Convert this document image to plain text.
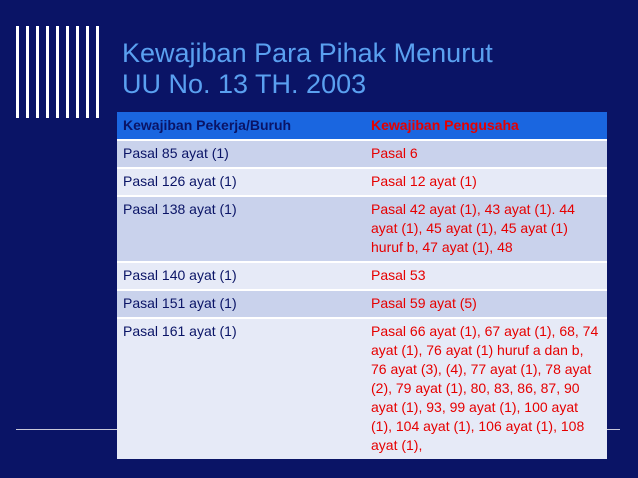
Kewajiban Para Pihak Menurut
UU No. 13 TH. 2003
Kewajiban Pekerja/Buruh	Kewajiban Pengusaha
Pasal 85 ayat (1)	Pasal 6
Pasal 126 ayat (1)	Pasal 12 ayat (1)
Pasal 138 ayat (1)	Pasal 42 ayat (1), 43 ayat (1). 44 ayat (1), 45 ayat (1), 45 ayat (1) huruf b, 47 ayat (1), 48
Pasal 140 ayat (1)	Pasal 53
Pasal 151 ayat (1)	Pasal 59 ayat (5)
Pasal 161 ayat (1)	Pasal 66 ayat (1), 67 ayat (1), 68, 74 ayat (1), 76 ayat (1) huruf a dan b, 76 ayat (3), (4), 77 ayat (1), 78 ayat (2), 79 ayat (1), 80, 83, 86, 87, 90 ayat (1), 93, 99 ayat (1), 100 ayat (1), 104 ayat (1), 106 ayat (1), 108 ayat (1),
